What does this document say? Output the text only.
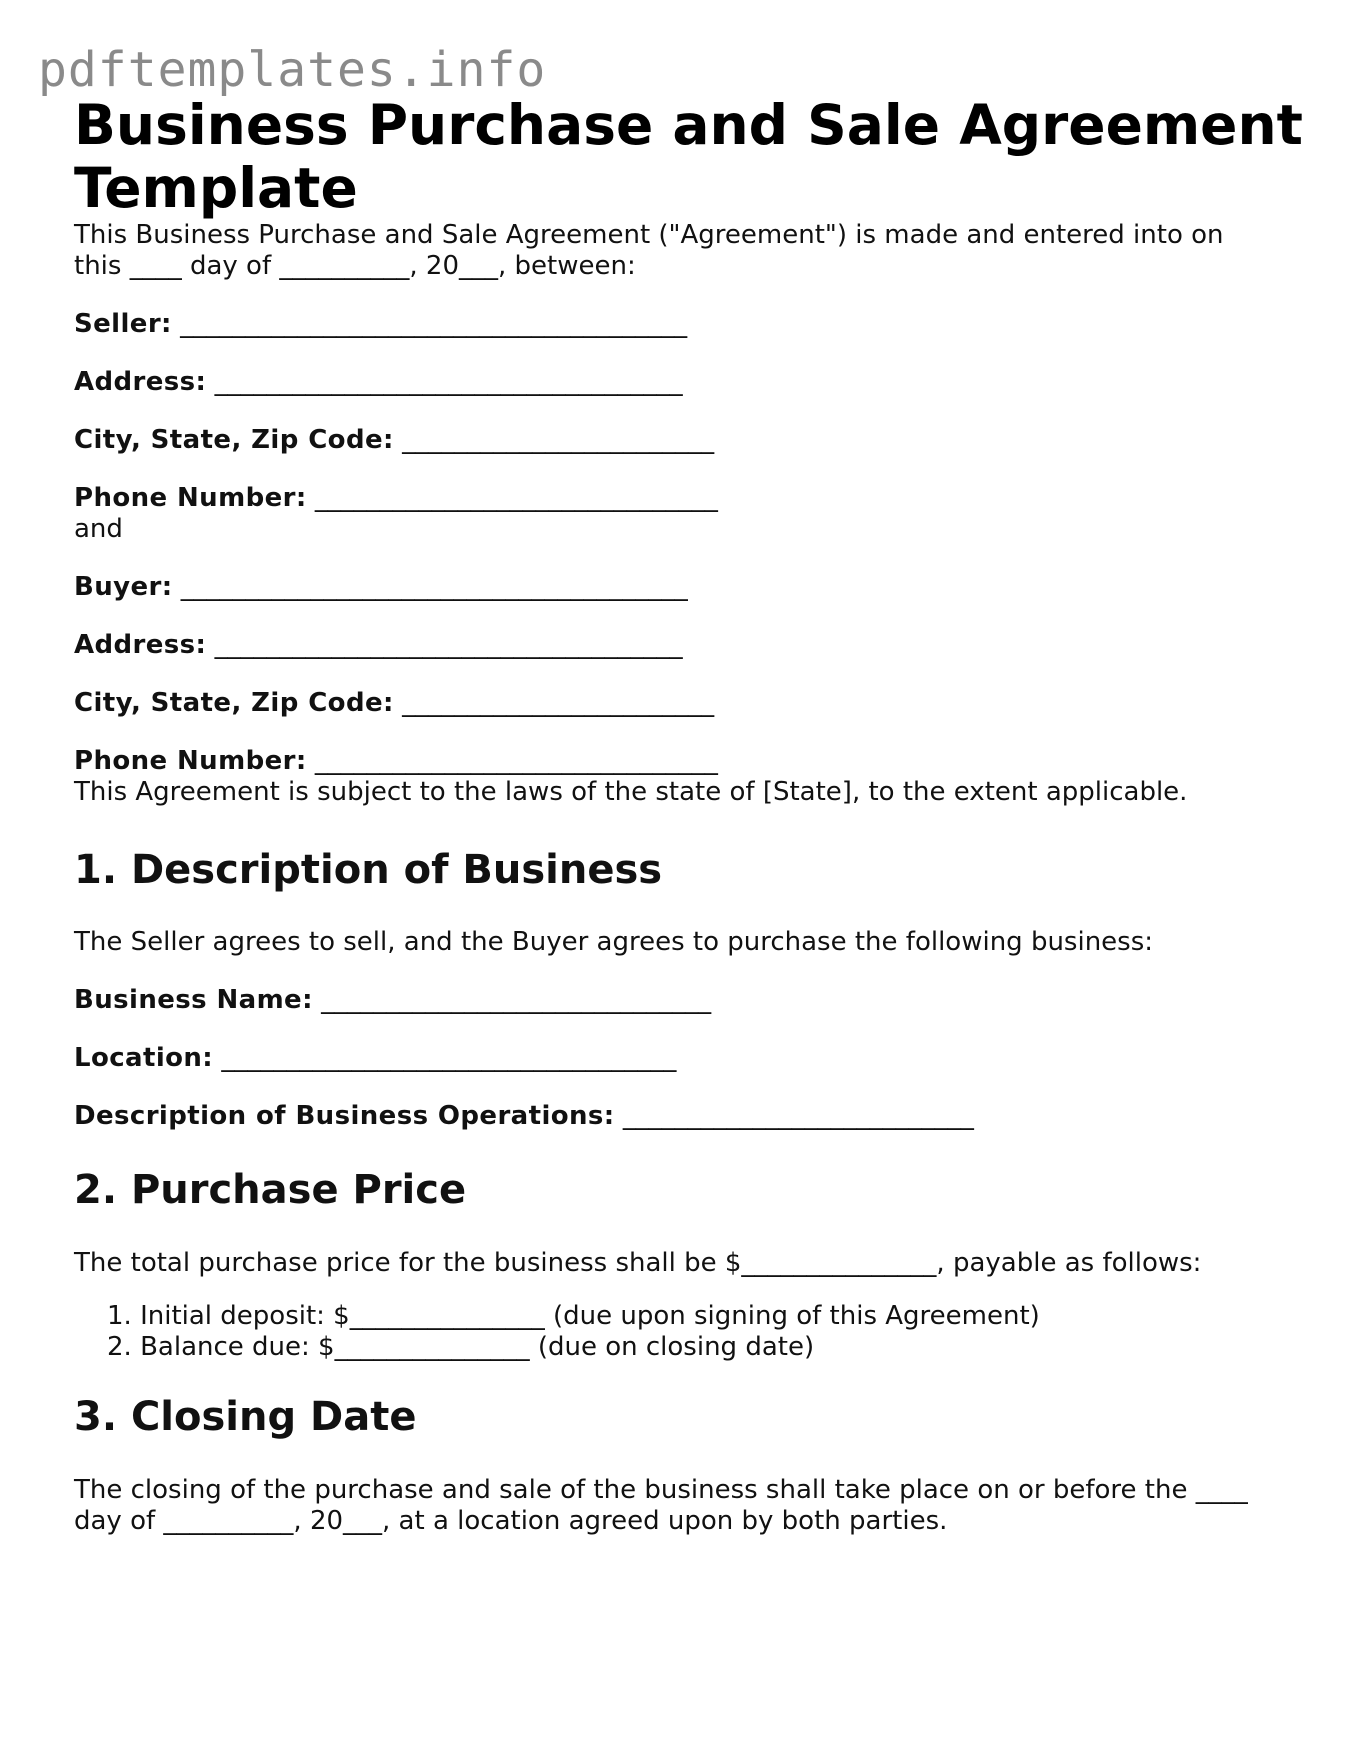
pdftemplates.info
Business Purchase and Sale Agreement
Template

This Business Purchase and Sale Agreement ("Agreement") is made and entered into on
this ____ day of __________, 20___, between:

Seller: _______________________________________
Address: ____________________________________
City, State, Zip Code: ________________________
Phone Number: _______________________________

and

Buyer: _______________________________________
Address: ____________________________________
City, State, Zip Code: ________________________
Phone Number: _______________________________

This Agreement is subject to the laws of the state of [State], to the extent applicable.

1. Description of Business

The Seller agrees to sell, and the Buyer agrees to purchase the following business:

Business Name: ______________________________
Location: ___________________________________
Description of Business Operations: ___________________________
2. Purchase Price

The total purchase price for the business shall be $_______________, payable as follows:

1. Initial deposit: $_______________ (due upon signing of this Agreement)
2. Balance due: $_______________ (due on closing date)
3. Closing Date

The closing of the purchase and sale of the business shall take place on or before the ____
day of __________, 20___, at a location agreed upon by both parties.
